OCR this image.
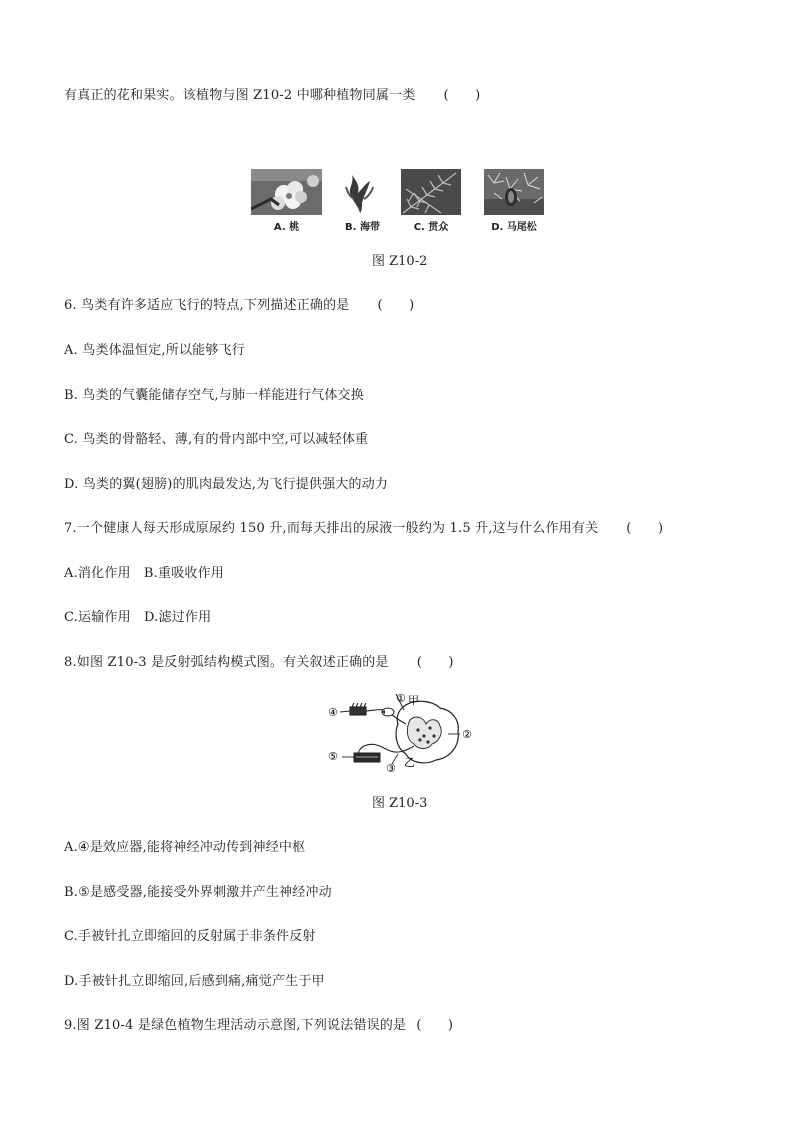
有真正的花和果实。该植物与图 Z10-2 中哪种植物同属一类 (　　)
A. 桃	B. 海带	C. 贯众	D. 马尾松
图 Z10-2
6. 鸟类有许多适应飞行的特点,下列描述正确的是 (　　)
A. 鸟类体温恒定,所以能够飞行
B. 鸟类的气囊能储存空气,与肺一样能进行气体交换
C. 鸟类的骨骼轻、薄,有的骨内部中空,可以减轻体重
D. 鸟类的翼(翅膀)的肌肉最发达,为飞行提供强大的动力
7.一个健康人每天形成原尿约 150 升,而每天排出的尿液一般约为 1.5 升,这与什么作用有关 (　　)
A.消化作用　B.重吸收作用
C.运输作用　D.滤过作用
8.如图 Z10-3 是反射弧结构模式图。有关叙述正确的是 (　　)
④
⑤
① 甲
②
③ 乙
图 Z10-3
A.④是效应器,能将神经冲动传到神经中枢
B.⑤是感受器,能接受外界刺激并产生神经冲动
C.手被针扎立即缩回的反射属于非条件反射
D.手被针扎立即缩回,后感到痛,痛觉产生于甲
9.图 Z10-4 是绿色植物生理活动示意图,下列说法错误的是 (　　)
